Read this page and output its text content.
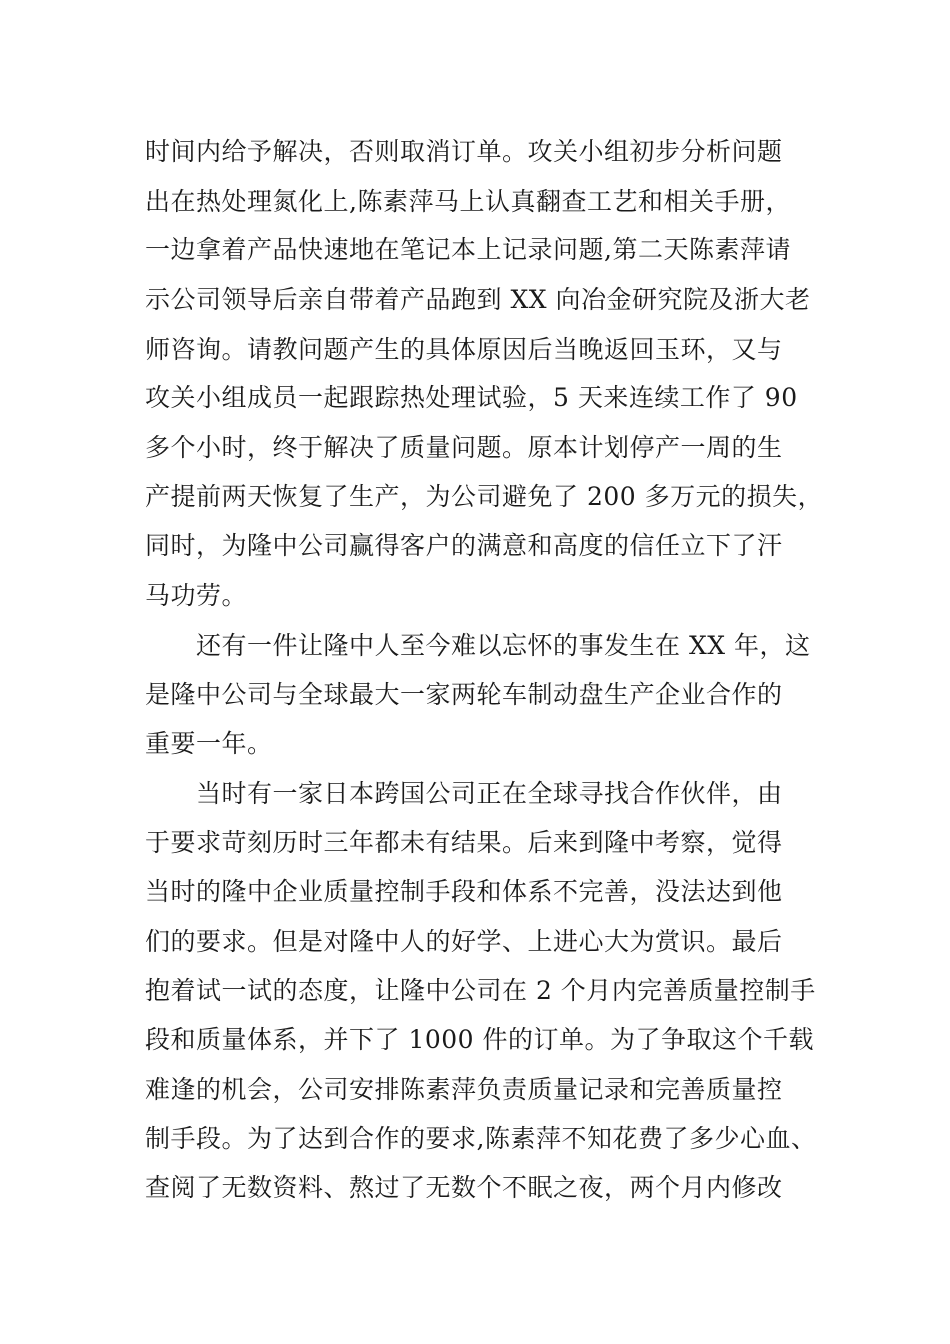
时间内给予解决，否则取消订单。攻关小组初步分析问题
出在热处理氮化上,陈素萍马上认真翻查工艺和相关手册，
一边拿着产品快速地在笔记本上记录问题,第二天陈素萍请
示公司领导后亲自带着产品跑到 XX 向冶金研究院及浙大老
师咨询。请教问题产生的具体原因后当晚返回玉环，又与
攻关小组成员一起跟踪热处理试验，5 天来连续工作了 90
多个小时，终于解决了质量问题。原本计划停产一周的生
产提前两天恢复了生产，为公司避免了 200 多万元的损失，
同时，为隆中公司赢得客户的满意和高度的信任立下了汗
马功劳。
还有一件让隆中人至今难以忘怀的事发生在 XX 年，这
是隆中公司与全球最大一家两轮车制动盘生产企业合作的
重要一年。
当时有一家日本跨国公司正在全球寻找合作伙伴，由
于要求苛刻历时三年都未有结果。后来到隆中考察，觉得
当时的隆中企业质量控制手段和体系不完善，没法达到他
们的要求。但是对隆中人的好学、上进心大为赏识。最后
抱着试一试的态度，让隆中公司在 2 个月内完善质量控制手
段和质量体系，并下了 1000 件的订单。为了争取这个千载
难逢的机会，公司安排陈素萍负责质量记录和完善质量控
制手段。为了达到合作的要求,陈素萍不知花费了多少心血、
查阅了无数资料、熬过了无数个不眠之夜，两个月内修改
